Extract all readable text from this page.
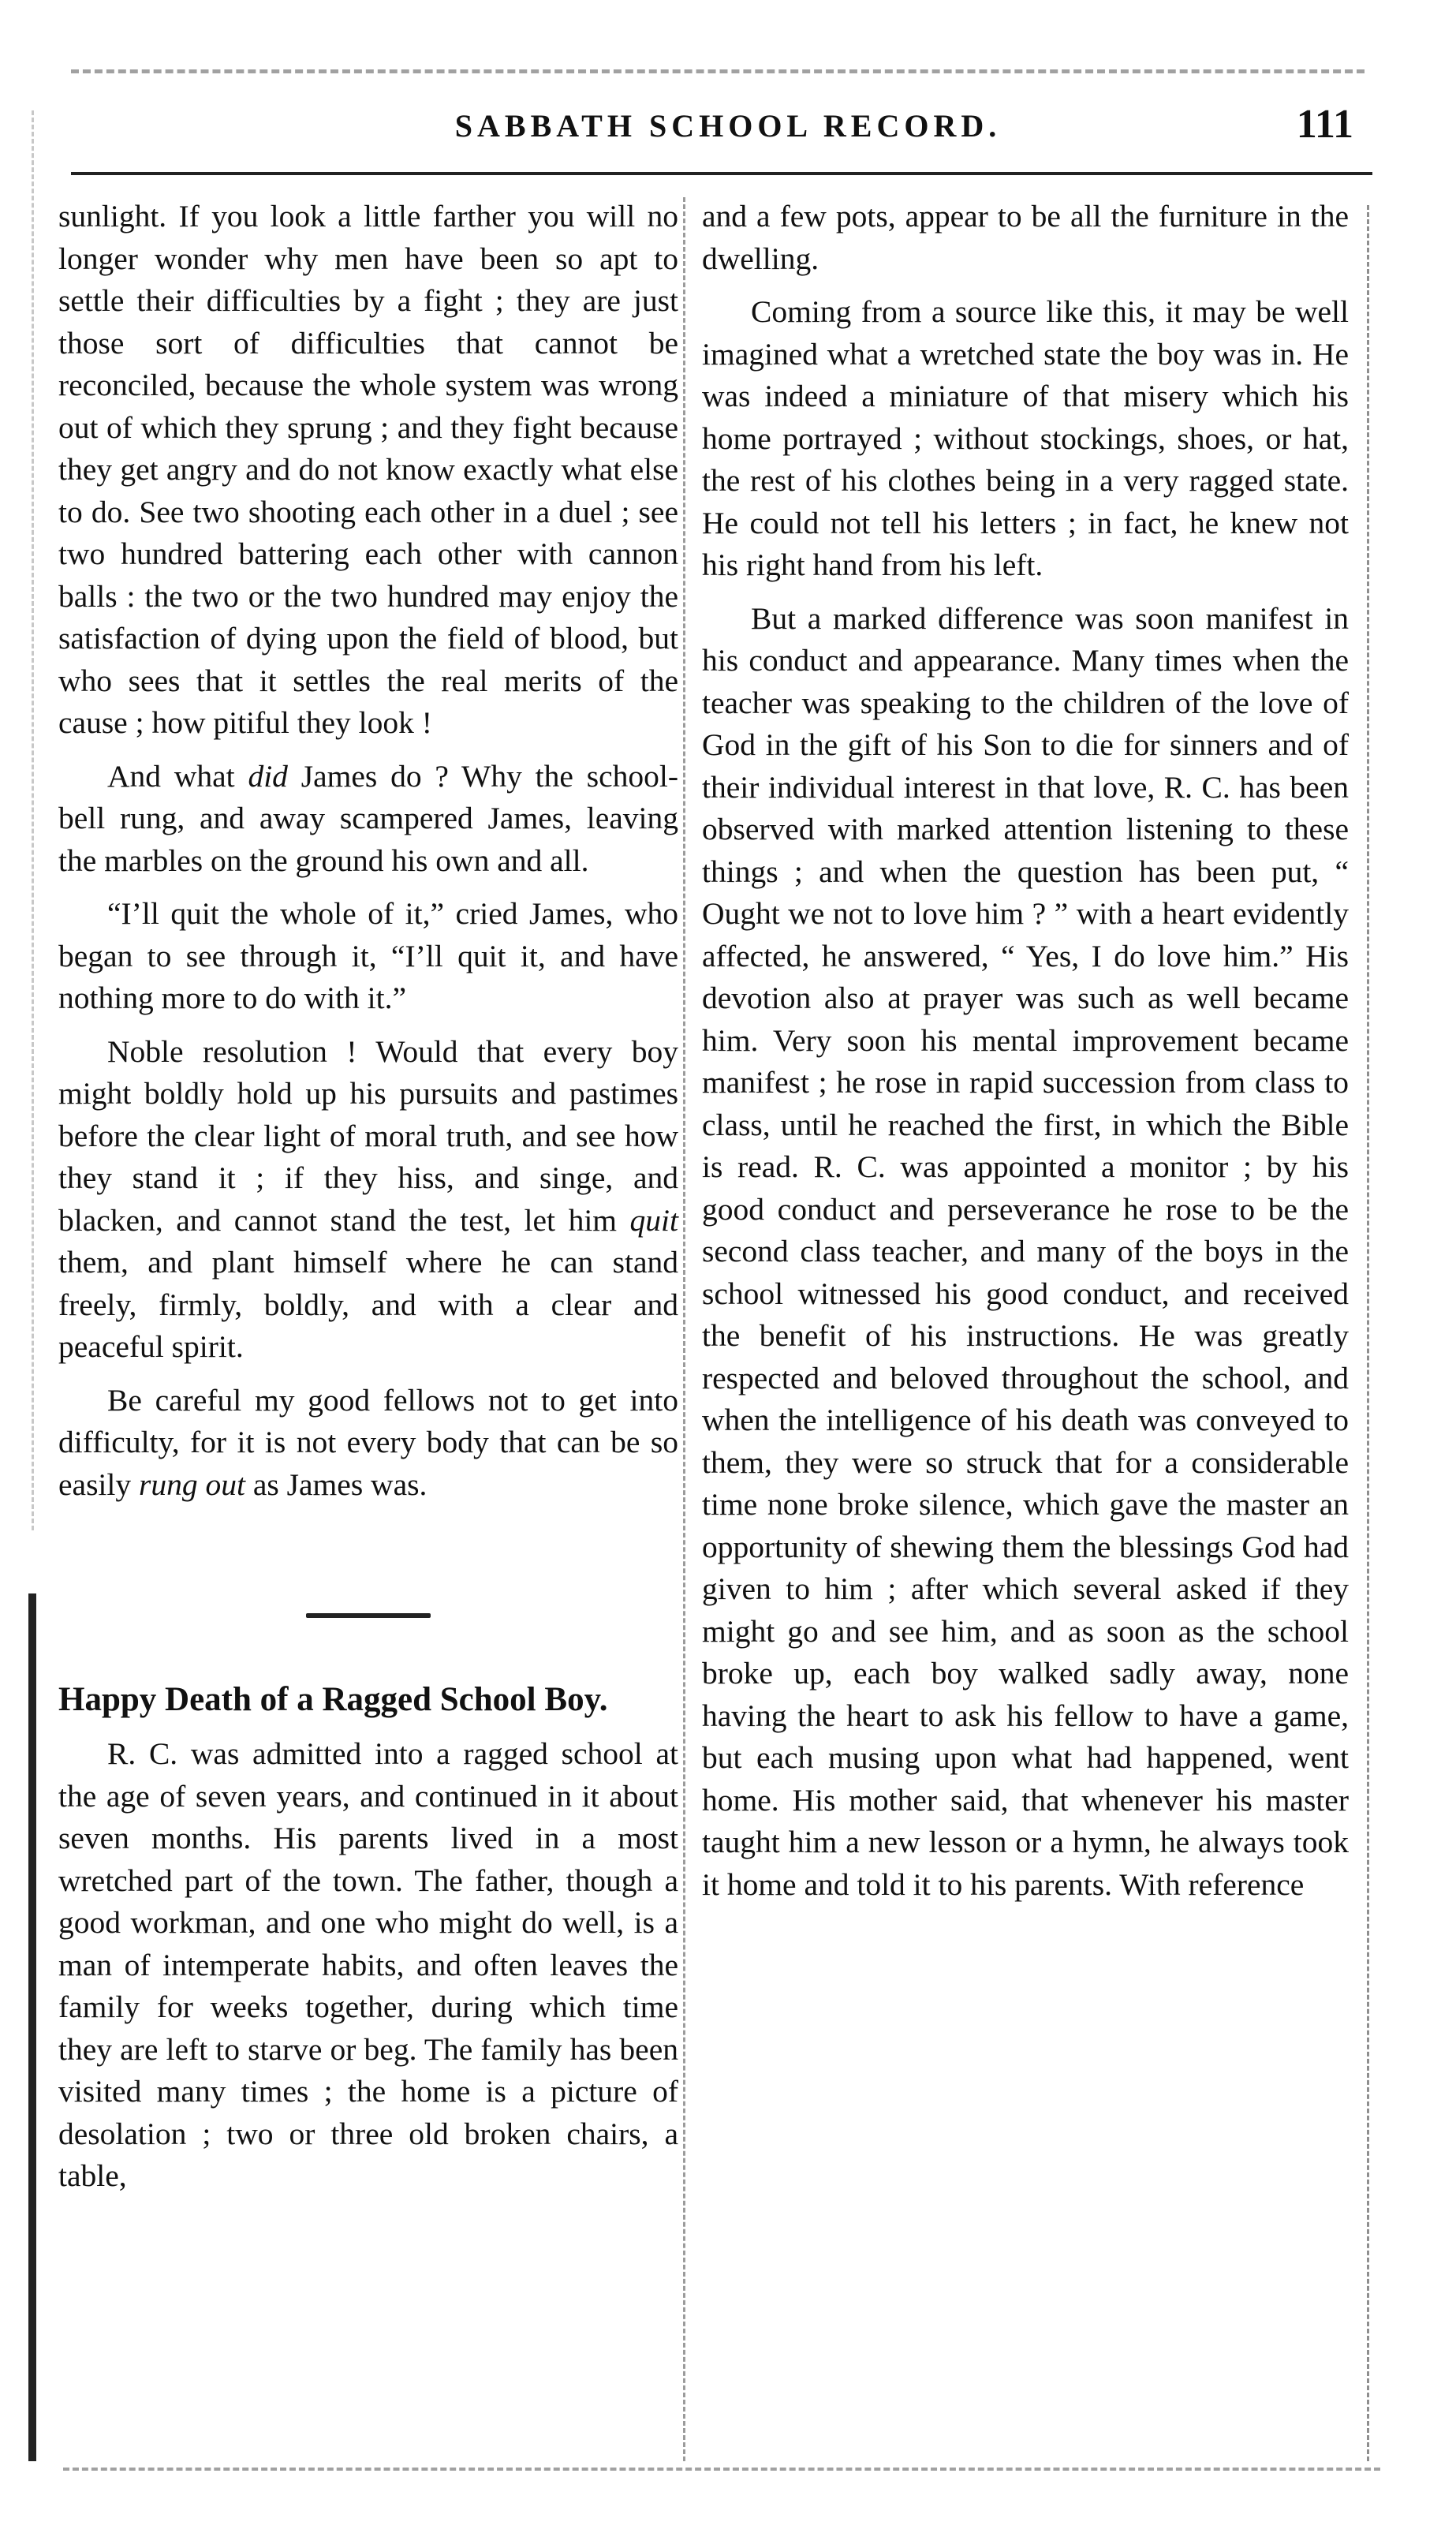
SABBATH SCHOOL RECORD.	111

sunlight. If you look a little farther you will no longer wonder why men have been so apt to settle their difficulties by a fight ; they are just those sort of difficulties that cannot be reconciled, because the whole system was wrong out of which they sprung ; and they fight because they get angry and do not know exactly what else to do. See two shooting each other in a duel ; see two hundred battering each other with cannon balls : the two or the two hundred may enjoy the satisfaction of dying upon the field of blood, but who sees that it settles the real merits of the cause ; how pitiful they look !

And what did James do ? Why the school-bell rung, and away scampered James, leaving the marbles on the ground his own and all.

“I’ll quit the whole of it,” cried James, who began to see through it, “I’ll quit it, and have nothing more to do with it.”

Noble resolution ! Would that every boy might boldly hold up his pursuits and pastimes before the clear light of moral truth, and see how they stand it ; if they hiss, and singe, and blacken, and cannot stand the test, let him quit them, and plant himself where he can stand freely, firmly, boldly, and with a clear and peaceful spirit.

Be careful my good fellows not to get into difficulty, for it is not every body that can be so easily rung out as James was.

Happy Death of a Ragged School Boy.

R. C. was admitted into a ragged school at the age of seven years, and continued in it about seven months. His parents lived in a most wretched part of the town. The father, though a good workman, and one who might do well, is a man of intemperate habits, and often leaves the family for weeks together, during which time they are left to starve or beg. The family has been visited many times ; the home is a picture of desolation ; two or three old broken chairs, a table,

and a few pots, appear to be all the furniture in the dwelling.

Coming from a source like this, it may be well imagined what a wretched state the boy was in. He was indeed a miniature of that misery which his home portrayed ; without stockings, shoes, or hat, the rest of his clothes being in a very ragged state. He could not tell his letters ; in fact, he knew not his right hand from his left.

But a marked difference was soon manifest in his conduct and appearance. Many times when the teacher was speaking to the children of the love of God in the gift of his Son to die for sinners and of their individual interest in that love, R. C. has been observed with marked attention listening to these things ; and when the question has been put, “ Ought we not to love him ? ” with a heart evidently affected, he answered, “ Yes, I do love him.” His devotion also at prayer was such as well became him. Very soon his mental improvement became manifest ; he rose in rapid succession from class to class, until he reached the first, in which the Bible is read. R. C. was appointed a monitor ; by his good conduct and perseverance he rose to be the second class teacher, and many of the boys in the school witnessed his good conduct, and received the benefit of his instructions. He was greatly respected and beloved throughout the school, and when the intelligence of his death was conveyed to them, they were so struck that for a considerable time none broke silence, which gave the master an opportunity of shewing them the blessings God had given to him ; after which several asked if they might go and see him, and as soon as the school broke up, each boy walked sadly away, none having the heart to ask his fellow to have a game, but each musing upon what had happened, went home. His mother said, that whenever his master taught him a new lesson or a hymn, he always took it home and told it to his parents. With reference
